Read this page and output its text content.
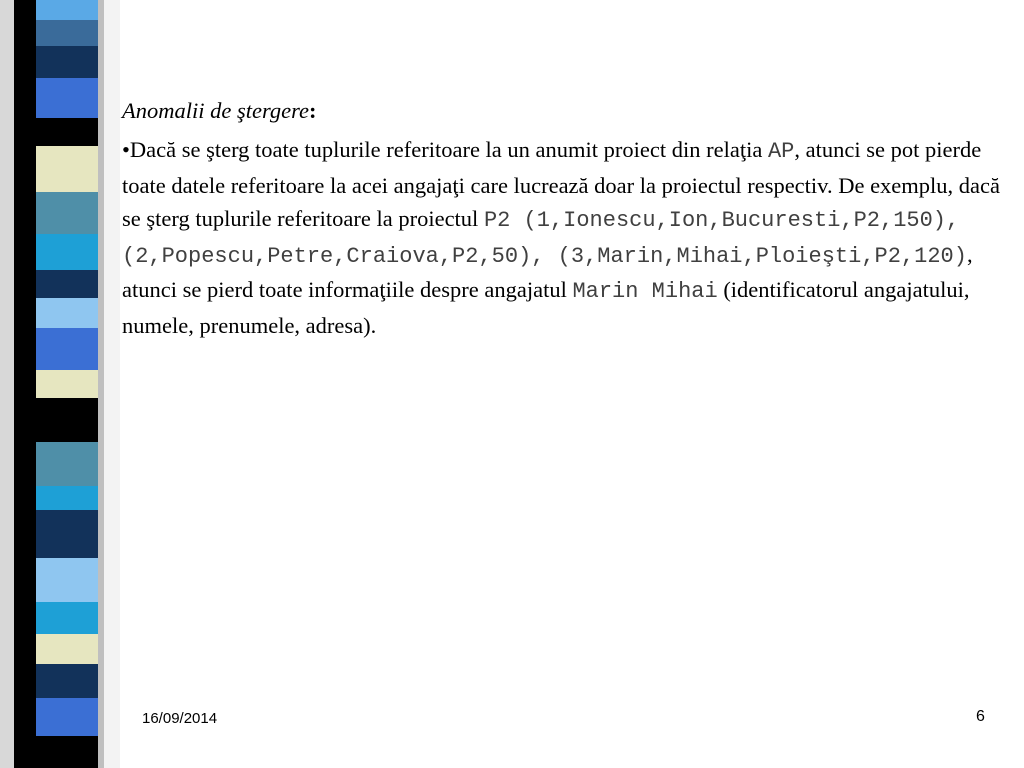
Anomalii de ştergere:

•Dacă se şterg toate tuplurile referitoare la un anumit proiect din relaţia AP, atunci se pot pierde toate datele referitoare la acei angajaţi care lucrează doar la proiectul respectiv. De exemplu, dacă se şterg tuplurile referitoare la proiectul P2 (1,Ionescu,Ion,Bucuresti,P2,150), (2,Popescu,Petre,Craiova,P2,50), (3,Marin,Mihai,Ploieşti,P2,120), atunci se pierd toate informaţiile despre angajatul Marin Mihai (identificatorul angajatului, numele, prenumele, adresa).

16/09/2014	6
